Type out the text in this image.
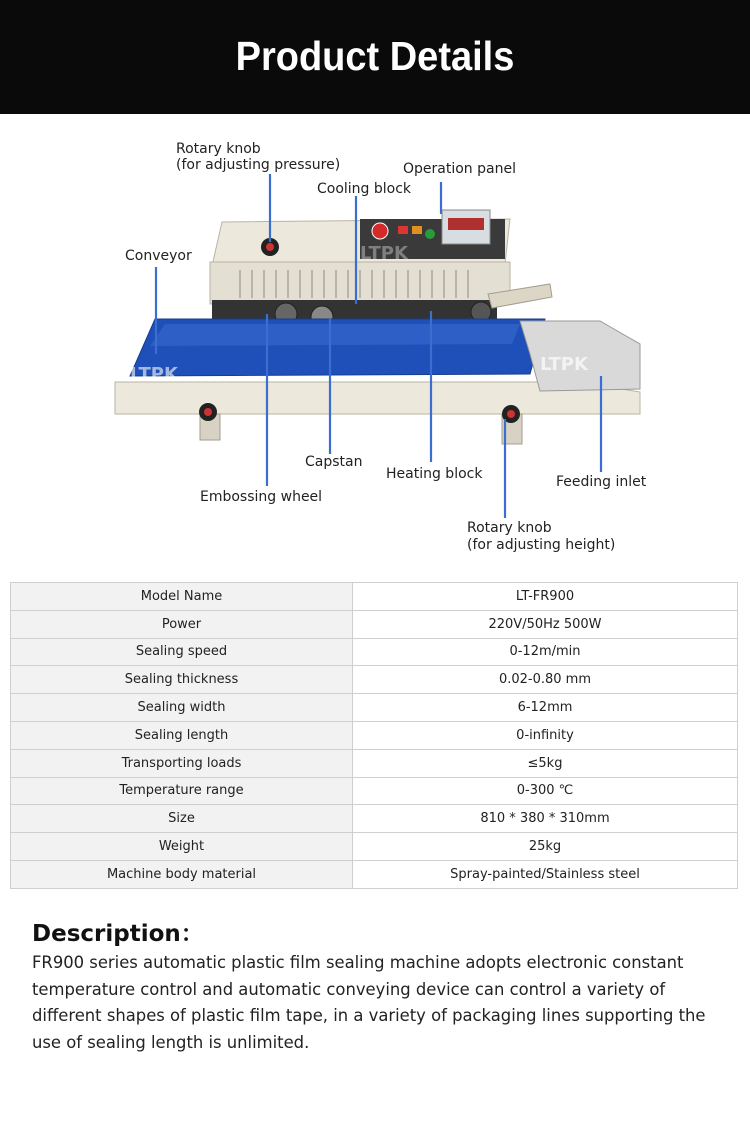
Product Details
LTPK
LTPK
LTPK
Rotary knob
(for adjusting pressure)	Operation panel
Cooling block
Conveyor
Capstan
Heating block	Feeding inlet
Embossing wheel
Rotary knob
(for adjusting height)
Model Name	LT-FR900
Power	220V/50Hz 500W
Sealing speed	0-12m/min
Sealing thickness	0.02-0.80 mm
Sealing width	6-12mm
Sealing length	0-infinity
Transporting loads	≤5kg
Temperature range	0-300 ℃
Size	810 * 380 * 310mm
Weight	25kg
Machine body material	Spray-painted/Stainless steel
Description：

FR900 series automatic plastic film sealing machine adopts electronic constant temperature control and automatic conveying device can control a variety of different shapes of plastic film tape, in a variety of packaging lines supporting the use of sealing length is unlimited.
